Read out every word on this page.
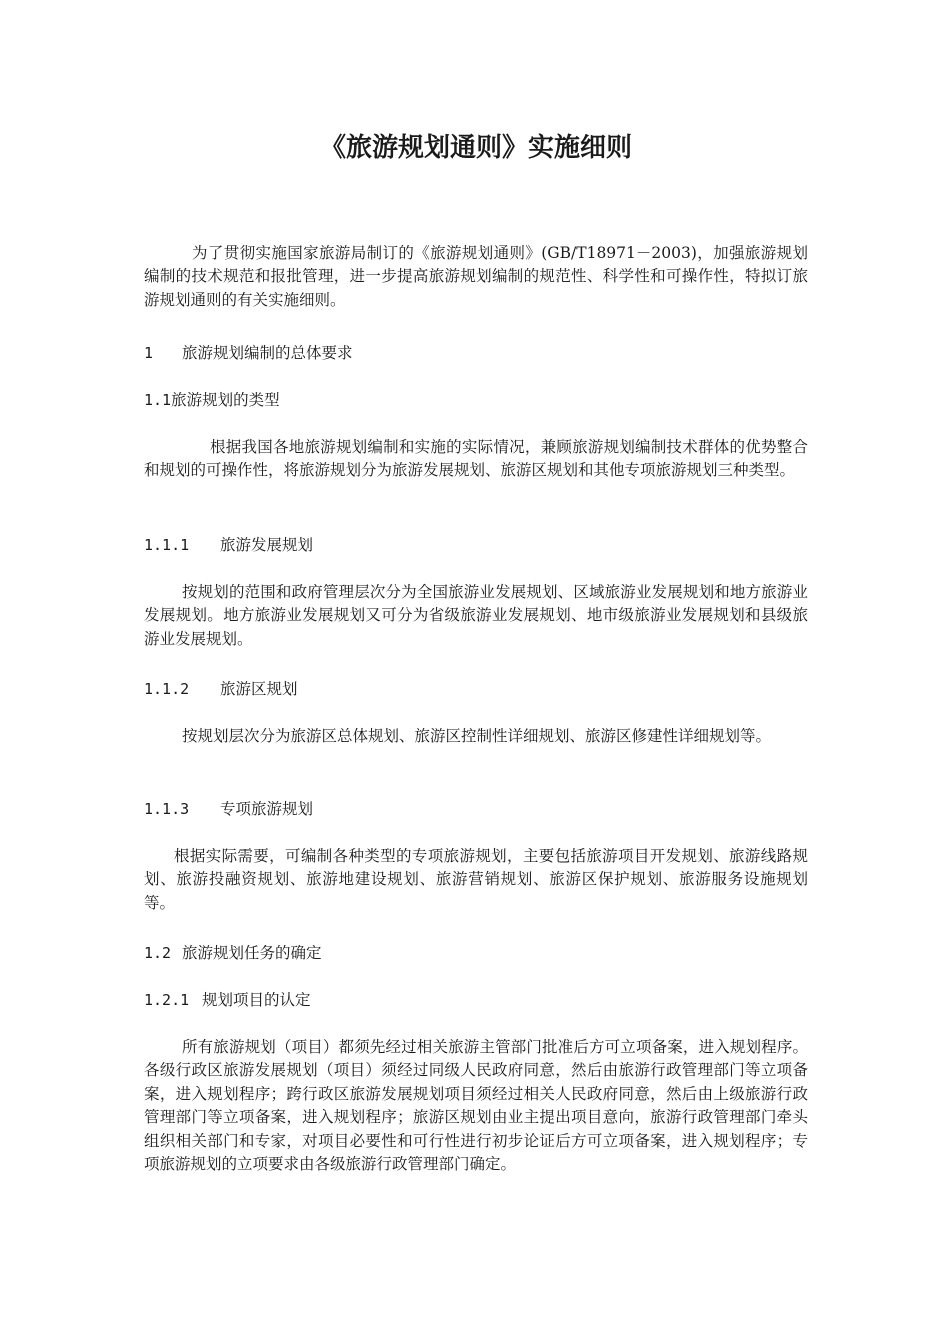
《旅游规划通则》实施细则

为了贯彻实施国家旅游局制订的《旅游规划通则》(GB/T18971－2003)，加强旅游规划编制的技术规范和报批管理，进一步提高旅游规划编制的规范性、科学性和可操作性，特拟订旅游规划通则的有关实施细则。

1 旅游规划编制的总体要求
1.1旅游规划的类型

根据我国各地旅游规划编制和实施的实际情况，兼顾旅游规划编制技术群体的优势整合和规划的可操作性，将旅游规划分为旅游发展规划、旅游区规划和其他专项旅游规划三种类型。

1.1.1 旅游发展规划

按规划的范围和政府管理层次分为全国旅游业发展规划、区域旅游业发展规划和地方旅游业发展规划。地方旅游业发展规划又可分为省级旅游业发展规划、地市级旅游业发展规划和县级旅游业发展规划。

1.1.2 旅游区规划

按规划层次分为旅游区总体规划、旅游区控制性详细规划、旅游区修建性详细规划等。

1.1.3 专项旅游规划

根据实际需要，可编制各种类型的专项旅游规划，主要包括旅游项目开发规划、旅游线路规划、旅游投融资规划、旅游地建设规划、旅游营销规划、旅游区保护规划、旅游服务设施规划等。

1.2 旅游规划任务的确定
1.2.1 规划项目的认定

所有旅游规划（项目）都须先经过相关旅游主管部门批准后方可立项备案，进入规划程序。各级行政区旅游发展规划（项目）须经过同级人民政府同意，然后由旅游行政管理部门等立项备案，进入规划程序；跨行政区旅游发展规划项目须经过相关人民政府同意，然后由上级旅游行政管理部门等立项备案，进入规划程序；旅游区规划由业主提出项目意向，旅游行政管理部门牵头组织相关部门和专家，对项目必要性和可行性进行初步论证后方可立项备案，进入规划程序；专项旅游规划的立项要求由各级旅游行政管理部门确定。
